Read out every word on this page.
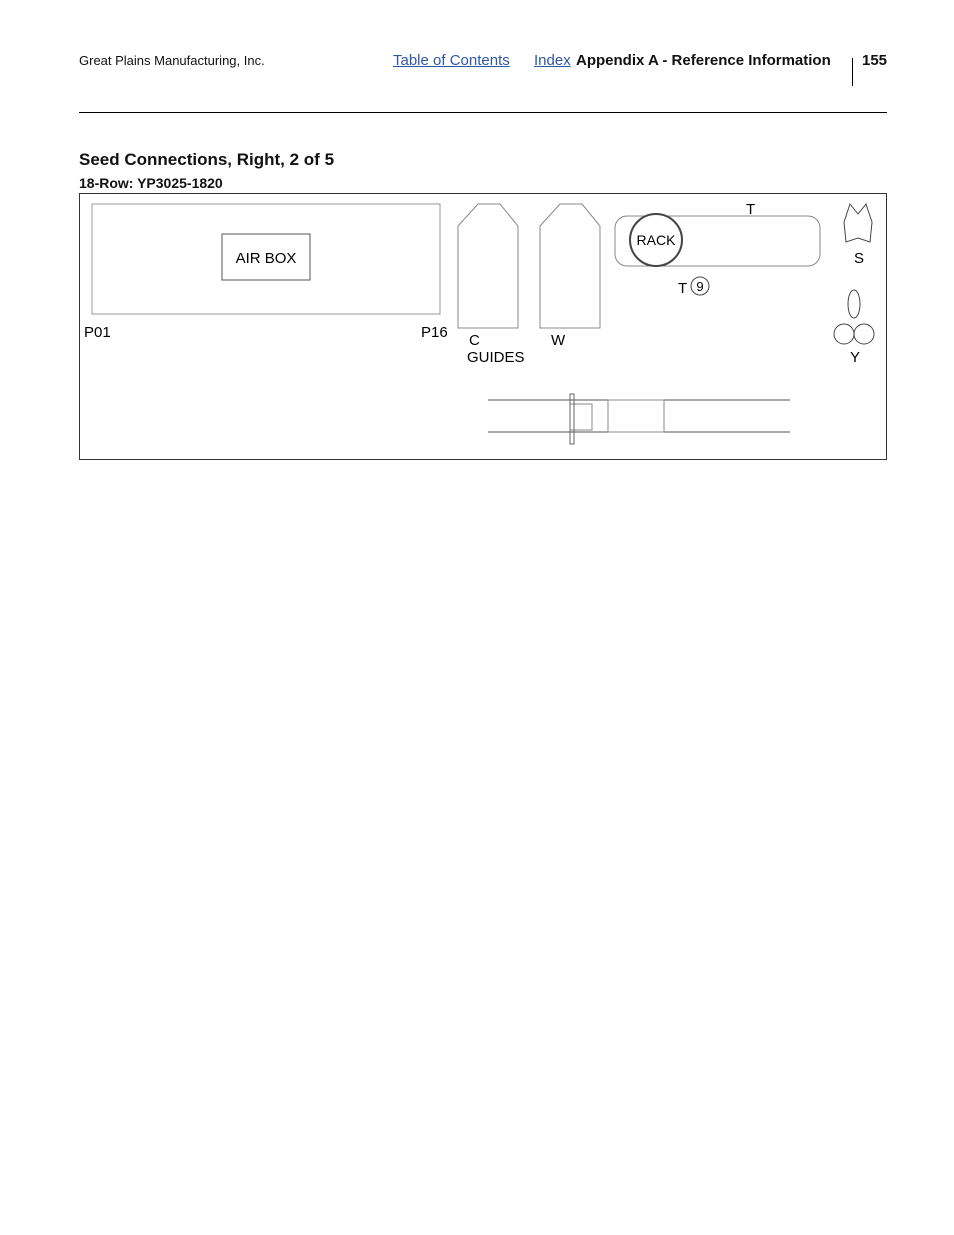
Great Plains Manufacturing, Inc.	Table of Contents Index Appendix A - Reference Information 155
Seed Connections, Right, 2 of 5
18-Row: YP3025-1820
AIR BOX
P01	P16 C	W
GUIDES
RACK
T
T 9
S
Y
